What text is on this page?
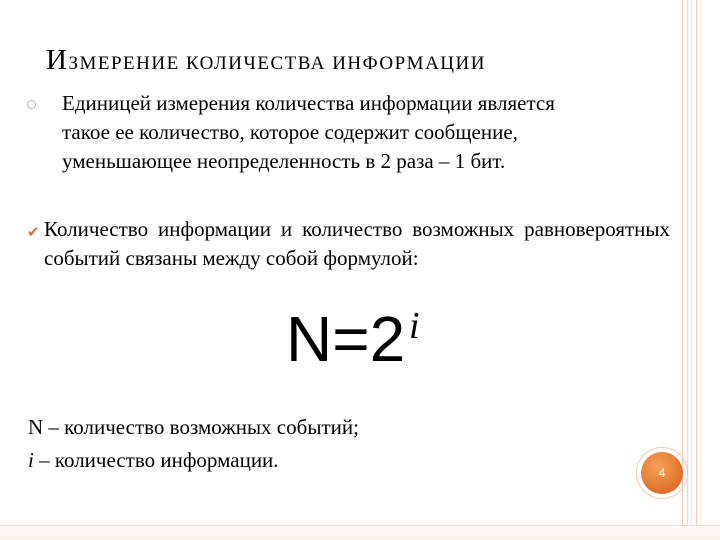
ИЗМЕРЕНИЕ КОЛИЧЕСТВА ИНФОРМАЦИИ
Единицей измерения количества информации является
такое ее количество, которое содержит сообщение,
уменьшающее неопределенность в 2 раза – 1 бит.
✔ Количество информации и количество возможных равновероятных событий связаны между собой формулой:
N=2 i
N – количество возможных событий;
i – количество информации.
4
